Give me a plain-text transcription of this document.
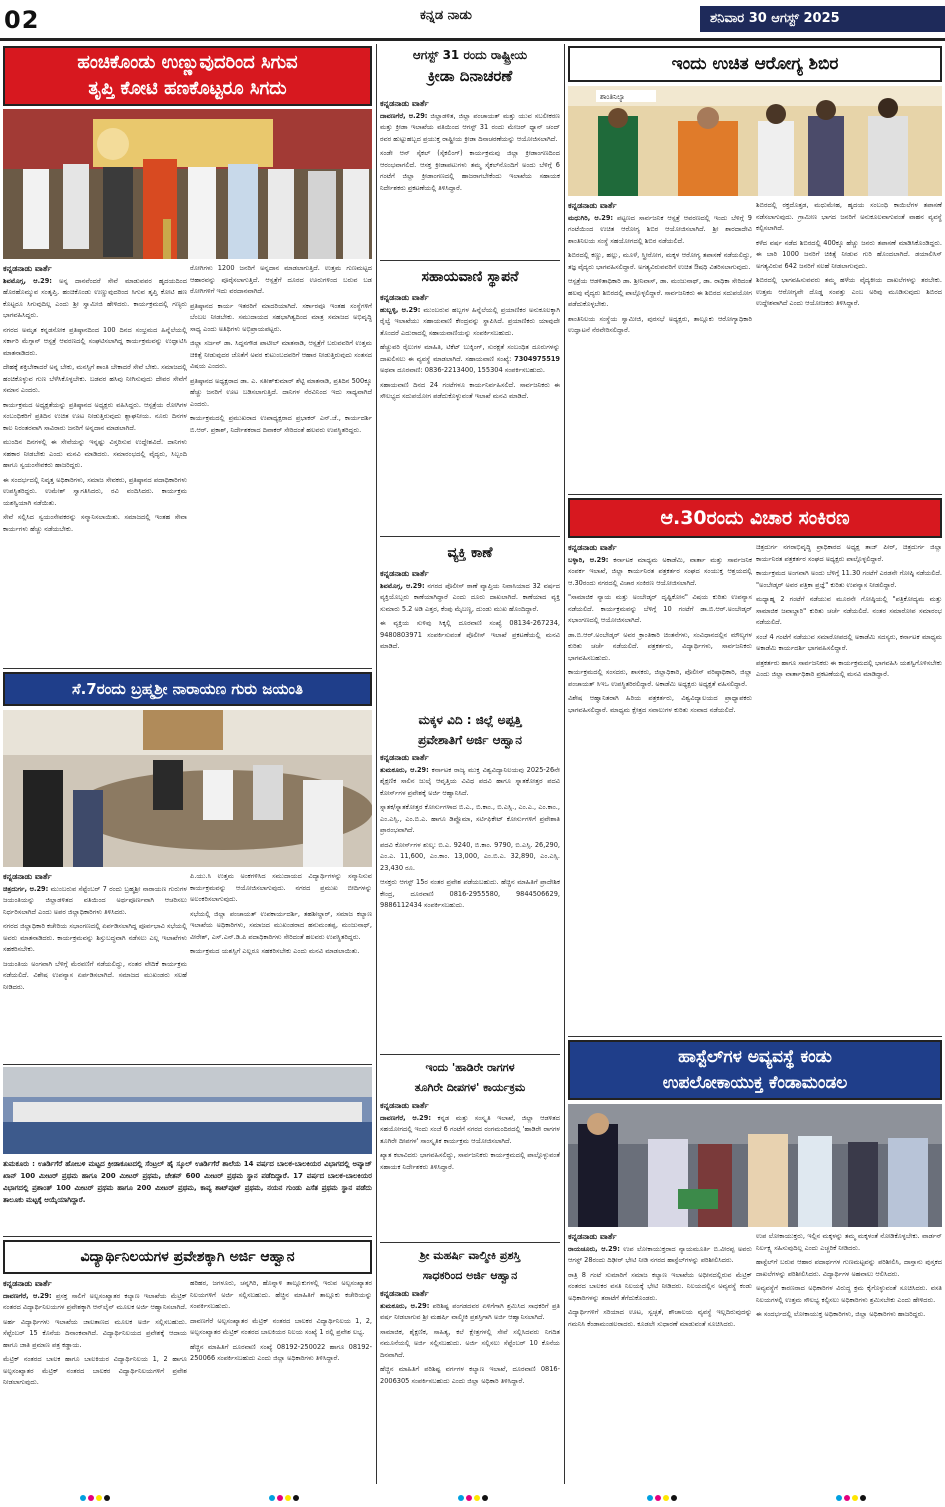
02	ಕನ್ನಡ ನಾಡು	ಶನಿವಾರ 30 ಆಗಸ್ಟ್ 2025
ಹಂಚಿಕೊಂಡು ಉಣ್ಣುವುದರಿಂದ ಸಿಗುವ
ತೃಪ್ತಿ ಕೋಟಿ ಹಣಕೊಟ್ಟರೂ ಸಿಗದು

ಕನ್ನಡನಾಡು ವಾರ್ತೆ
ಶಿವಮೊಗ್ಗ, ಆ.29: ಅನ್ನ ದಾನವೆಂದರೆ ಸೇವೆ ಮಾಡುವವರ ಹೃದಯದಿಂದ ಹೊರಹೊಮ್ಮುವ ಸಂತೃಪ್ತಿ. ಹಂಚಿಕೊಂಡು ಉಣ್ಣುವುದರಿಂದ ಸಿಗುವ ತೃಪ್ತಿ ಕೋಟಿ ಹಣ ಕೊಟ್ಟರೂ ಸಿಗುವುದಿಲ್ಲ ಎಂದು ಶ್ರೀ ಸ್ವಾಮೀಜಿ ಹೇಳಿದರು. ಕಾರ್ಯಕ್ರಮದಲ್ಲಿ ಗಣ್ಯರು ಭಾಗವಹಿಸಿದ್ದರು.

ನಗರದ ಅಮೃತ ಕನ್ನಡಸೋಕ ಪ್ರತಿಷ್ಠಾನದಿಂದ 100 ದಿನದ ಸಂಭ್ರಮದ ಹಿನ್ನೆಲೆಯಲ್ಲಿ ಸರ್ಕಾರಿ ಮೆಗ್ಗಾನ್ ಆಸ್ಪತ್ರೆ ಆವರಣದಲ್ಲಿ ಸಂಘಟಿಸಲಾಗಿದ್ದ ಕಾರ್ಯಕ್ರಮವನ್ನು ಉದ್ಘಾಟಿಸಿ ಮಾತನಾಡಿದರು.

ದೇಹಕ್ಕೆ ಶಕ್ತಿಬೇಕಾದರೆ ಅನ್ನ ಬೇಕು, ಮನಸ್ಸಿಗೆ ಶಾಂತಿ ಬೇಕಾದರೆ ಸೇವೆ ಬೇಕು. ಸಮಾಜದಲ್ಲಿ ಹಂಚಿಕೊಳ್ಳುವ ಗುಣ ಬೆಳೆಸಿಕೊಳ್ಳಬೇಕು. ಬಡವರ ಹಸಿವು ನೀಗಿಸುವುದು ದೇವರ ಸೇವೆಗೆ ಸಮಾನ ಎಂದರು.

ಕಾರ್ಯಕ್ರಮದ ಅಧ್ಯಕ್ಷತೆಯನ್ನು ಪ್ರತಿಷ್ಠಾನದ ಅಧ್ಯಕ್ಷರು ವಹಿಸಿದ್ದರು. ಆಸ್ಪತ್ರೆಯ ರೋಗಿಗಳ ಸಂಬಂಧಿಕರಿಗೆ ಪ್ರತಿದಿನ ಉಚಿತ ಊಟ ನೀಡುತ್ತಿರುವುದು ಶ್ಲಾಘನೀಯ. ನೂರು ದಿನಗಳ ಕಾಲ ನಿರಂತರವಾಗಿ ಸಾವಿರಾರು ಜನರಿಗೆ ಅನ್ನದಾನ ಮಾಡಲಾಗಿದೆ.

ಮುಂದಿನ ದಿನಗಳಲ್ಲಿ ಈ ಸೇವೆಯನ್ನು ಇನ್ನಷ್ಟು ವಿಸ್ತರಿಸುವ ಉದ್ದೇಶವಿದೆ. ದಾನಿಗಳು ಸಹಕಾರ ನೀಡಬೇಕು ಎಂದು ಮನವಿ ಮಾಡಿದರು. ಸಮಾರಂಭದಲ್ಲಿ ವೈದ್ಯರು, ಸಿಬ್ಬಂದಿ ಹಾಗೂ ಸ್ವಯಂಸೇವಕರು ಹಾಜರಿದ್ದರು.

ಈ ಸಂದರ್ಭದಲ್ಲಿ ನಿವೃತ್ತ ಅಧಿಕಾರಿಗಳು, ಸಮಾಜ ಸೇವಕರು, ಪ್ರತಿಷ್ಠಾನದ ಪದಾಧಿಕಾರಿಗಳು ಉಪಸ್ಥಿತರಿದ್ದರು. ಉಮೇಶ್ ಸ್ವಾಗತಿಸಿದರು, ರವಿ ವಂದಿಸಿದರು. ಕಾರ್ಯಕ್ರಮ ಯಶಸ್ವಿಯಾಗಿ ನಡೆಯಿತು.

ಸೇವೆ ಸಲ್ಲಿಸಿದ ಸ್ವಯಂಸೇವಕರನ್ನು ಸನ್ಮಾನಿಸಲಾಯಿತು. ಸಮಾಜದಲ್ಲಿ ಇಂತಹ ಸೇವಾ ಕಾರ್ಯಗಳು ಹೆಚ್ಚು ನಡೆಯಬೇಕು.

ರೋಗಿಗಳು 1200 ಜನರಿಗೆ ಅನ್ನದಾನ ಮಾಡಲಾಗುತ್ತಿದೆ. ಉತ್ತಮ ಗುಣಮಟ್ಟದ ಆಹಾರವನ್ನು ಪೂರೈಸಲಾಗುತ್ತಿದೆ. ಆಸ್ಪತ್ರೆಗೆ ದೂರದ ಊರುಗಳಿಂದ ಬರುವ ಬಡ ರೋಗಿಗಳಿಗೆ ಇದು ವರದಾನವಾಗಿದೆ.

ಪ್ರತಿಷ್ಠಾನದ ಕಾರ್ಯ ಇತರರಿಗೆ ಮಾದರಿಯಾಗಿದೆ. ಸರ್ಕಾರವೂ ಇಂತಹ ಸಂಸ್ಥೆಗಳಿಗೆ ಬೆಂಬಲ ನೀಡಬೇಕು. ಸಮುದಾಯದ ಸಹಭಾಗಿತ್ವದಿಂದ ಮಾತ್ರ ಸಮಾಜದ ಅಭಿವೃದ್ಧಿ ಸಾಧ್ಯ ಎಂದು ಅತಿಥಿಗಳು ಅಭಿಪ್ರಾಯಪಟ್ಟರು.

ಜಿಲ್ಲಾ ಸರ್ಜನ್ ಡಾ. ಸಿದ್ದನಗೌಡ ಪಾಟೀಲ್ ಮಾತನಾಡಿ, ಆಸ್ಪತ್ರೆಗೆ ಬರುವವರಿಗೆ ಉತ್ತಮ ಚಿಕಿತ್ಸೆ ನೀಡುವುದರ ಜೊತೆಗೆ ಅವರ ಕುಟುಂಬದವರಿಗೆ ಆಹಾರ ನೀಡುತ್ತಿರುವುದು ಸಂತಸದ ವಿಷಯ ಎಂದರು.

ಪ್ರತಿಷ್ಠಾನದ ಅಧ್ಯಕ್ಷರಾದ ಡಾ. ಎ. ಸತೀಶ್‌ಕುಮಾರ್ ಶೆಟ್ಟಿ ಮಾತನಾಡಿ, ಪ್ರತಿದಿನ 500ಕ್ಕೂ ಹೆಚ್ಚು ಜನರಿಗೆ ಊಟ ಬಡಿಸಲಾಗುತ್ತಿದೆ. ದಾನಿಗಳ ನೆರವಿನಿಂದ ಇದು ಸಾಧ್ಯವಾಗಿದೆ ಎಂದರು.

ಕಾರ್ಯಕ್ರಮದಲ್ಲಿ ಪ್ರಮುಖರಾದ ಉಪಾಧ್ಯಕ್ಷರಾದ ಪ್ರಭಾಕರ್ ಎನ್.ಜೆ., ಕಾರ್ಯದರ್ಶಿ ಬಿ.ಆರ್. ಪ್ರಕಾಶ್, ನಿರ್ದೇಶಕರಾದ ದಿವಾಕರ್ ಸೇರಿದಂತೆ ಹಲವರು ಉಪಸ್ಥಿತರಿದ್ದರು.

ಸೆ.7ರಂದು ಬ್ರಹ್ಮಶ್ರೀ ನಾರಾಯಣ ಗುರು ಜಯಂತಿ

ಕನ್ನಡನಾಡು ವಾರ್ತೆ
ಚಿತ್ರದುರ್ಗ, ಆ.29: ಮುಂಬರುವ ಸೆಪ್ಟೆಂಬರ್ 7 ರಂದು ಬ್ರಹ್ಮಶ್ರೀ ನಾರಾಯಣ ಗುರುಗಳ ಜಯಂತಿಯನ್ನು ಜಿಲ್ಲಾಡಳಿತದ ವತಿಯಿಂದ ಅರ್ಥಪೂರ್ಣವಾಗಿ ಆಚರಿಸಲು ನಿರ್ಧರಿಸಲಾಗಿದೆ ಎಂದು ಅಪರ ಜಿಲ್ಲಾಧಿಕಾರಿಗಳು ತಿಳಿಸಿದರು.

ನಗರದ ಜಿಲ್ಲಾಧಿಕಾರಿ ಕಚೇರಿಯ ಸಭಾಂಗಣದಲ್ಲಿ ಏರ್ಪಡಿಸಲಾಗಿದ್ದ ಪೂರ್ವಭಾವಿ ಸಭೆಯಲ್ಲಿ ಅವರು ಮಾತನಾಡಿದರು. ಕಾರ್ಯಕ್ರಮವನ್ನು ಶಿಸ್ತುಬದ್ಧವಾಗಿ ನಡೆಸಲು ಎಲ್ಲ ಇಲಾಖೆಗಳು ಸಹಕರಿಸಬೇಕು.

ಜಯಂತಿಯ ಅಂಗವಾಗಿ ಬೆಳಿಗ್ಗೆ ಮೆರವಣಿಗೆ ನಡೆಯಲಿದ್ದು, ನಂತರ ವೇದಿಕೆ ಕಾರ್ಯಕ್ರಮ ನಡೆಯಲಿದೆ. ವಿಶೇಷ ಉಪನ್ಯಾಸ ಏರ್ಪಡಿಸಲಾಗಿದೆ. ಸಮಾಜದ ಮುಖಂಡರು ಸಲಹೆ ನೀಡಿದರು.

ಪಿ.ಯು.ಸಿ ಉತ್ತಮ ಅಂಕಗಳಿಸಿದ ಸಮುದಾಯದ ವಿದ್ಯಾರ್ಥಿಗಳನ್ನು ಸನ್ಮಾನಿಸುವ ಕಾರ್ಯಕ್ರಮವನ್ನು ಆಯೋಜಿಸಲಾಗುವುದು. ನಗರದ ಪ್ರಮುಖ ಬೀದಿಗಳನ್ನು ಅಲಂಕರಿಸಲಾಗುವುದು.

ಸಭೆಯಲ್ಲಿ ಜಿಲ್ಲಾ ಪಂಚಾಯತ್ ಉಪಕಾರ್ಯದರ್ಶಿ, ತಹಶೀಲ್ದಾರ್, ಸಮಾಜ ಕಲ್ಯಾಣ ಇಲಾಖೆಯ ಅಧಿಕಾರಿಗಳು, ಸಮಾಜದ ಮುಖಂಡರಾದ ಹನುಮಂತಪ್ಪ, ಮಂಜುನಾಥ್, ವೀರೇಶ್, ಎಸ್.ಎನ್.ಡಿ.ಪಿ ಪದಾಧಿಕಾರಿಗಳು ಸೇರಿದಂತೆ ಹಲವರು ಉಪಸ್ಥಿತರಿದ್ದರು.

ಕಾರ್ಯಕ್ರಮದ ಯಶಸ್ಸಿಗೆ ಎಲ್ಲರೂ ಸಹಕರಿಸಬೇಕು ಎಂದು ಮನವಿ ಮಾಡಲಾಯಿತು.

ತುಮಕೂರು : ಊರ್ಡಿಗೆರೆ ಹೋಬಳಿ ಮಟ್ಟದ ಕ್ರೀಡಾಕೂಟದಲ್ಲಿ ಸೆಂಟ್ರಲ್ ಹೈ ಸ್ಕೂಲ್ ಊರ್ಡಿಗೆರೆ ಶಾಲೆಯ 14 ವರ್ಷದ ಬಾಲಕ-ಬಾಲಕಿಯರ ವಿಭಾಗದಲ್ಲಿ ಅವ್ಯಾಜ್ ಖಾನ್ 100 ಮೀಟರ್ ಪ್ರಥಮ ಹಾಗೂ 200 ಮೀಟರ್ ಪ್ರಥಮ, ಚೇತನ್ 600 ಮೀಟರ್ ಪ್ರಥಮ ಸ್ಥಾನ ಪಡೆದಿದ್ದಾರೆ. 17 ವರ್ಷದ ಬಾಲಕ-ಬಾಲಕಿಯರ ವಿಭಾಗದಲ್ಲಿ ಪ್ರಶಾಂತ್ 100 ಮೀಟರ್ ಪ್ರಥಮ ಹಾಗೂ 200 ಮೀಟರ್ ಪ್ರಥಮ, ಕಾವ್ಯ ಶಾಟ್‌ಪುಟ್ ಪ್ರಥಮ, ನಯನ ಗುಂಡು ಎಸೆತ ಪ್ರಥಮ ಸ್ಥಾನ ಪಡೆದು ತಾಲೂಕು ಮಟ್ಟಕ್ಕೆ ಆಯ್ಕೆಯಾಗಿದ್ದಾರೆ.
ವಿದ್ಯಾರ್ಥಿನಿಲಯಗಳ ಪ್ರವೇಶಕ್ಕಾಗಿ ಅರ್ಜಿ ಆಹ್ವಾನ

ಕನ್ನಡನಾಡು ವಾರ್ತೆ
ದಾವಣಗೆರೆ, ಆ.29: ಪ್ರಸಕ್ತ ಸಾಲಿಗೆ ಅಲ್ಪಸಂಖ್ಯಾತರ ಕಲ್ಯಾಣ ಇಲಾಖೆಯ ಮೆಟ್ರಿಕ್ ನಂತರದ ವಿದ್ಯಾರ್ಥಿನಿಲಯಗಳ ಪ್ರವೇಶಕ್ಕಾಗಿ ಆನ್‌ಲೈನ್ ಮೂಲಕ ಅರ್ಜಿ ಆಹ್ವಾನಿಸಲಾಗಿದೆ.

ಅರ್ಹ ವಿದ್ಯಾರ್ಥಿಗಳು ಇಲಾಖೆಯ ಜಾಲತಾಣದ ಮೂಲಕ ಅರ್ಜಿ ಸಲ್ಲಿಸಬಹುದು. ಸೆಪ್ಟೆಂಬರ್ 15 ಕೊನೆಯ ದಿನಾಂಕವಾಗಿದೆ. ವಿದ್ಯಾರ್ಥಿನಿಲಯದ ಪ್ರವೇಶಕ್ಕೆ ಆದಾಯ ಹಾಗೂ ಜಾತಿ ಪ್ರಮಾಣ ಪತ್ರ ಕಡ್ಡಾಯ.

ಮೆಟ್ರಿಕ್ ನಂತರದ ಬಾಲಕ ಹಾಗೂ ಬಾಲಕಿಯರ ವಿದ್ಯಾರ್ಥಿನಿಲಯ 1, 2 ಹಾಗೂ ಅಲ್ಪಸಂಖ್ಯಾತರ ಮೆಟ್ರಿಕ್ ನಂತರದ ಬಾಲಕರ ವಿದ್ಯಾರ್ಥಿನಿಲಯಗಳಿಗೆ ಪ್ರವೇಶ ನೀಡಲಾಗುವುದು.

ಹರಿಹರ, ಜಗಳೂರು, ಚನ್ನಗಿರಿ, ಹೊನ್ನಾಳಿ ತಾಲ್ಲೂಕುಗಳಲ್ಲಿ ಇರುವ ಅಲ್ಪಸಂಖ್ಯಾತರ ನಿಲಯಗಳಿಗೆ ಅರ್ಜಿ ಸಲ್ಲಿಸಬಹುದು. ಹೆಚ್ಚಿನ ಮಾಹಿತಿಗೆ ತಾಲ್ಲೂಕು ಕಚೇರಿಯನ್ನು ಸಂಪರ್ಕಿಸಬಹುದು.

ದಾವಣಗೆರೆ ಅಲ್ಪಸಂಖ್ಯಾತರ ಮೆಟ್ರಿಕ್ ನಂತರದ ಬಾಲಕರ ವಿದ್ಯಾರ್ಥಿನಿಲಯ 1, 2, ಅಲ್ಪಸಂಖ್ಯಾತರ ಮೆಟ್ರಿಕ್ ನಂತರದ ಬಾಲಕಿಯರ ನಿಲಯ ಸಂಖ್ಯೆ 1 ರಲ್ಲಿ ಪ್ರವೇಶ ಲಭ್ಯ.

ಹೆಚ್ಚಿನ ಮಾಹಿತಿಗೆ ದೂರವಾಣಿ ಸಂಖ್ಯೆ 08192-250022 ಹಾಗೂ 08192-250066 ಸಂಪರ್ಕಿಸಬಹುದು ಎಂದು ಜಿಲ್ಲಾ ಅಧಿಕಾರಿಗಳು ತಿಳಿಸಿದ್ದಾರೆ.

ಆಗಸ್ಟ್ 31 ರಂದು ರಾಷ್ಟ್ರೀಯ
ಕ್ರೀಡಾ ದಿನಾಚರಣೆ

ಕನ್ನಡನಾಡು ವಾರ್ತೆ
ದಾವಣಗೆರೆ, ಆ.29: ಜಿಲ್ಲಾಡಳಿತ, ಜಿಲ್ಲಾ ಪಂಚಾಯತ್ ಮತ್ತು ಯುವ ಸಬಲೀಕರಣ ಮತ್ತು ಕ್ರೀಡಾ ಇಲಾಖೆಯ ವತಿಯಿಂದ ಆಗಸ್ಟ್ 31 ರಂದು ಮೇಜರ್ ಧ್ಯಾನ್ ಚಂದ್ ರವರ ಹುಟ್ಟುಹಬ್ಬದ ಪ್ರಯುಕ್ತ ರಾಷ್ಟ್ರೀಯ ಕ್ರೀಡಾ ದಿನಾಚರಣೆಯನ್ನು ಆಯೋಜಿಸಲಾಗಿದೆ.

ಸಂಡೇ ಆನ್ ಸೈಕಲ್ (ಸೈಕಲಿಂಗ್) ಕಾರ್ಯಕ್ರಮವು ಜಿಲ್ಲಾ ಕ್ರೀಡಾಂಗಣದಿಂದ ಆರಂಭವಾಗಲಿದೆ. ಆಸಕ್ತ ಕ್ರೀಡಾಪಟುಗಳು ತಮ್ಮ ಸೈಕಲ್‌ನೊಂದಿಗೆ ಅಂದು ಬೆಳಿಗ್ಗೆ 6 ಗಂಟೆಗೆ ಜಿಲ್ಲಾ ಕ್ರೀಡಾಂಗಣದಲ್ಲಿ ಹಾಜರಾಗಬೇಕೆಂದು ಇಲಾಖೆಯ ಸಹಾಯಕ ನಿರ್ದೇಶಕರು ಪ್ರಕಟಣೆಯಲ್ಲಿ ತಿಳಿಸಿದ್ದಾರೆ.

ಸಹಾಯವಾಣಿ ಸ್ಥಾಪನೆ

ಕನ್ನಡನಾಡು ವಾರ್ತೆ
ಹುಬ್ಬಳ್ಳಿ, ಆ.29: ಮುಂಬರುವ ಹಬ್ಬಗಳ ಹಿನ್ನೆಲೆಯಲ್ಲಿ ಪ್ರಯಾಣಿಕರ ಅನುಕೂಲಕ್ಕಾಗಿ ರೈಲ್ವೆ ಇಲಾಖೆಯು ಸಹಾಯವಾಣಿ ಕೇಂದ್ರವನ್ನು ಸ್ಥಾಪಿಸಿದೆ. ಪ್ರಯಾಣಿಕರು ಯಾವುದೇ ತೊಂದರೆ ಎದುರಾದಲ್ಲಿ ಸಹಾಯವಾಣಿಯನ್ನು ಸಂಪರ್ಕಿಸಬಹುದು.

ಹೆಚ್ಚುವರಿ ರೈಲುಗಳ ಮಾಹಿತಿ, ಟಿಕೆಟ್ ಬುಕ್ಕಿಂಗ್, ಸುರಕ್ಷತೆ ಸಂಬಂಧಿತ ದೂರುಗಳನ್ನು ದಾಖಲಿಸಲು ಈ ವ್ಯವಸ್ಥೆ ಮಾಡಲಾಗಿದೆ. ಸಹಾಯವಾಣಿ ಸಂಖ್ಯೆ: 7304975519 ಅಥವಾ ದೂರವಾಣಿ: 0836-2213400, 155304 ಸಂಪರ್ಕಿಸಬಹುದು.

ಸಹಾಯವಾಣಿ ದಿನದ 24 ಗಂಟೆಗಳೂ ಕಾರ್ಯನಿರ್ವಹಿಸಲಿದೆ. ಸಾರ್ವಜನಿಕರು ಈ ಸೌಲಭ್ಯದ ಸದುಪಯೋಗ ಪಡೆದುಕೊಳ್ಳುವಂತೆ ಇಲಾಖೆ ಮನವಿ ಮಾಡಿದೆ.

ವ್ಯಕ್ತಿ ಕಾಣೆ

ಕನ್ನಡನಾಡು ವಾರ್ತೆ
ಶಿವಮೊಗ್ಗ, ಆ.29: ನಗರದ ಪೊಲೀಸ್ ಠಾಣೆ ವ್ಯಾಪ್ತಿಯ ನಿವಾಸಿಯಾದ 32 ವರ್ಷದ ವ್ಯಕ್ತಿಯೊಬ್ಬರು ಕಾಣೆಯಾಗಿದ್ದಾರೆ ಎಂದು ದೂರು ದಾಖಲಾಗಿದೆ. ಕಾಣೆಯಾದ ವ್ಯಕ್ತಿ ಸುಮಾರು 5.2 ಅಡಿ ಎತ್ತರ, ಕೆಂಪು ಮೈಬಣ್ಣ, ದುಂಡು ಮುಖ ಹೊಂದಿದ್ದಾರೆ.

ಈ ವ್ಯಕ್ತಿಯ ಸುಳಿವು ಸಿಕ್ಕಲ್ಲಿ ದೂರವಾಣಿ ಸಂಖ್ಯೆ 08134-267234, 9480803971 ಸಂಪರ್ಕಿಸುವಂತೆ ಪೊಲೀಸ್ ಇಲಾಖೆ ಪ್ರಕಟಣೆಯಲ್ಲಿ ಮನವಿ ಮಾಡಿದೆ.

ಮಕ್ಕಳ ವಿದಿ : ಜಿಲ್ಲೆ ಅಪ್ಪತ್ತಿ
ಪ್ರವೇಶಾತಿಗೆ ಅರ್ಜಿ ಆಹ್ವಾನ

ಕನ್ನಡನಾಡು ವಾರ್ತೆ
ತುಮಕೂರು, ಆ.29: ಕರ್ನಾಟಕ ರಾಜ್ಯ ಮುಕ್ತ ವಿಶ್ವವಿದ್ಯಾನಿಲಯವು 2025-26ನೇ ಶೈಕ್ಷಣಿಕ ಸಾಲಿನ ಜುಲೈ ಆವೃತ್ತಿಯ ವಿವಿಧ ಪದವಿ ಹಾಗೂ ಸ್ನಾತಕೋತ್ತರ ಪದವಿ ಕೋರ್ಸ್‌ಗಳ ಪ್ರವೇಶಕ್ಕೆ ಅರ್ಜಿ ಆಹ್ವಾನಿಸಿದೆ.

ಸ್ನಾತಕ/ಸ್ನಾತಕೋತ್ತರ ಕೋರ್ಸುಗಳಾದ ಬಿ.ಎ., ಬಿ.ಕಾಂ., ಬಿ.ಎಸ್ಸಿ., ಎಂ.ಎ., ಎಂ.ಕಾಂ., ಎಂ.ಎಸ್ಸಿ., ಎಂ.ಬಿ.ಎ. ಹಾಗೂ ಡಿಪ್ಲೊಮಾ, ಸರ್ಟಿಫಿಕೇಟ್ ಕೋರ್ಸುಗಳಿಗೆ ಪ್ರವೇಶಾತಿ ಪ್ರಾರಂಭವಾಗಿದೆ.

ಪದವಿ ಕೋರ್ಸ್‌ಗಳ ಶುಲ್ಕ: ಬಿ.ಎ. 9240, ಬಿ.ಕಾಂ. 9790, ಬಿ.ಎಸ್ಸಿ. 26,290, ಎಂ.ಎ. 11,600, ಎಂ.ಕಾಂ. 13,000, ಎಂ.ಬಿ.ಎ. 32,890, ಎಂ.ಎಸ್ಸಿ. 23,430 ರೂ.

ಆಸಕ್ತರು ಆಗಸ್ಟ್ 15ರ ನಂತರ ಪ್ರವೇಶ ಪಡೆಯಬಹುದು. ಹೆಚ್ಚಿನ ಮಾಹಿತಿಗೆ ಪ್ರಾದೇಶಿಕ ಕೇಂದ್ರ, ದೂರವಾಣಿ 0816-2955580, 9844506629, 9886112434 ಸಂಪರ್ಕಿಸಬಹುದು.

ಇಂದು 'ಹಾಡಿರೇ ರಾಗಗಳ
ತೂಗಿರೇ ದೀಪಗಳ' ಕಾರ್ಯಕ್ರಮ

ಕನ್ನಡನಾಡು ವಾರ್ತೆ
ದಾವಣಗೆರೆ, ಆ.29: ಕನ್ನಡ ಮತ್ತು ಸಂಸ್ಕೃತಿ ಇಲಾಖೆ, ಜಿಲ್ಲಾ ಆಡಳಿತದ ಸಹಯೋಗದಲ್ಲಿ ಇಂದು ಸಂಜೆ 6 ಗಂಟೆಗೆ ನಗರದ ರಂಗಮಂದಿರದಲ್ಲಿ 'ಹಾಡಿರೇ ರಾಗಗಳ ತೂಗಿರೇ ದೀಪಗಳ' ಸಾಂಸ್ಕೃತಿಕ ಕಾರ್ಯಕ್ರಮ ಆಯೋಜಿಸಲಾಗಿದೆ.

ಖ್ಯಾತ ಕಲಾವಿದರು ಭಾಗವಹಿಸಲಿದ್ದು, ಸಾರ್ವಜನಿಕರು ಕಾರ್ಯಕ್ರಮದಲ್ಲಿ ಪಾಲ್ಗೊಳ್ಳುವಂತೆ ಸಹಾಯಕ ನಿರ್ದೇಶಕರು ತಿಳಿಸಿದ್ದಾರೆ.

ಶ್ರೀ ಮಹರ್ಷಿ ವಾಲ್ಮೀಕಿ ಪ್ರಶಸ್ತಿ
ಸಾಧಕರಿಂದ ಅರ್ಜಿ ಆಹ್ವಾನ

ಕನ್ನಡನಾಡು ವಾರ್ತೆ
ತುಮಕೂರು, ಆ.29: ಪರಿಶಿಷ್ಟ ಪಂಗಡದವರ ಏಳಿಗೆಗಾಗಿ ಶ್ರಮಿಸಿದ ಸಾಧಕರಿಗೆ ಪ್ರತಿ ವರ್ಷ ನೀಡಲಾಗುವ ಶ್ರೀ ಮಹರ್ಷಿ ವಾಲ್ಮೀಕಿ ಪ್ರಶಸ್ತಿಗಾಗಿ ಅರ್ಜಿ ಆಹ್ವಾನಿಸಲಾಗಿದೆ.

ಸಾಮಾಜಿಕ, ಶೈಕ್ಷಣಿಕ, ಸಾಹಿತ್ಯ, ಕಲೆ ಕ್ಷೇತ್ರಗಳಲ್ಲಿ ಸೇವೆ ಸಲ್ಲಿಸಿದವರು ನಿಗದಿತ ನಮೂನೆಯಲ್ಲಿ ಅರ್ಜಿ ಸಲ್ಲಿಸಬಹುದು. ಅರ್ಜಿ ಸಲ್ಲಿಸಲು ಸೆಪ್ಟೆಂಬರ್ 10 ಕೊನೆಯ ದಿನವಾಗಿದೆ.

ಹೆಚ್ಚಿನ ಮಾಹಿತಿಗೆ ಪರಿಶಿಷ್ಟ ವರ್ಗಗಳ ಕಲ್ಯಾಣ ಇಲಾಖೆ, ದೂರವಾಣಿ 0816-2006305 ಸಂಪರ್ಕಿಸಬಹುದು ಎಂದು ಜಿಲ್ಲಾ ಅಧಿಕಾರಿ ತಿಳಿಸಿದ್ದಾರೆ.

ಇಂದು ಉಚಿತ ಆರೋಗ್ಯ ಶಿಬಿರ
ಶಾಂತಿನಿಲ್ಯಾ

ಕನ್ನಡನಾಡು ವಾರ್ತೆ
ಮಧುಗಿರಿ, ಆ.29: ಪಟ್ಟಣದ ಸಾರ್ವಜನಿಕ ಆಸ್ಪತ್ರೆ ಆವರಣದಲ್ಲಿ ಇಂದು ಬೆಳಿಗ್ಗೆ 9 ಗಂಟೆಯಿಂದ ಉಚಿತ ಆರೋಗ್ಯ ಶಿಬಿರ ಆಯೋಜಿಸಲಾಗಿದೆ. ಶ್ರೀ ಶಾರದಾದೇವಿ ಶಾಂತಿನಿಲಯ ಸಂಸ್ಥೆ ಸಹಯೋಗದಲ್ಲಿ ಶಿಬಿರ ನಡೆಯಲಿದೆ.

ಶಿಬಿರದಲ್ಲಿ ಕಣ್ಣು, ಹಲ್ಲು, ಮೂಳೆ, ಸ್ತ್ರೀರೋಗ, ಮಕ್ಕಳ ಆರೋಗ್ಯ ತಪಾಸಣೆ ನಡೆಯಲಿದ್ದು, ತಜ್ಞ ವೈದ್ಯರು ಭಾಗವಹಿಸಲಿದ್ದಾರೆ. ಅಗತ್ಯವಿರುವವರಿಗೆ ಉಚಿತ ಔಷಧಿ ವಿತರಿಸಲಾಗುವುದು.

ಆಸ್ಪತ್ರೆಯ ಆಡಳಿತಾಧಿಕಾರಿ ಡಾ. ಶ್ರೀನಿವಾಸ್, ಡಾ. ಮಂಜುನಾಥ್, ಡಾ. ರಾಧಿಕಾ ಸೇರಿದಂತೆ ಹಲವು ವೈದ್ಯರು ಶಿಬಿರದಲ್ಲಿ ಪಾಲ್ಗೊಳ್ಳಲಿದ್ದಾರೆ. ಸಾರ್ವಜನಿಕರು ಈ ಶಿಬಿರದ ಸದುಪಯೋಗ ಪಡೆದುಕೊಳ್ಳಬೇಕು.

ಶಾಂತಿನಿಲಯ ಸಂಸ್ಥೆಯ ಸ್ವಾಮೀಜಿ, ಪುರಸಭೆ ಅಧ್ಯಕ್ಷರು, ತಾಲ್ಲೂಕು ಆರೋಗ್ಯಾಧಿಕಾರಿ ಉದ್ಘಾಟನೆ ನೆರವೇರಿಸಲಿದ್ದಾರೆ.

ಶಿಬಿರದಲ್ಲಿ ರಕ್ತದೊತ್ತಡ, ಮಧುಮೇಹ, ಹೃದಯ ಸಂಬಂಧಿ ಕಾಯಿಲೆಗಳ ತಪಾಸಣೆ ನಡೆಸಲಾಗುವುದು. ಗ್ರಾಮೀಣ ಭಾಗದ ಜನರಿಗೆ ಅನುಕೂಲವಾಗುವಂತೆ ವಾಹನ ವ್ಯವಸ್ಥೆ ಕಲ್ಪಿಸಲಾಗಿದೆ.

ಕಳೆದ ವರ್ಷ ನಡೆದ ಶಿಬಿರದಲ್ಲಿ 400ಕ್ಕೂ ಹೆಚ್ಚು ಜನರು ತಪಾಸಣೆ ಮಾಡಿಸಿಕೊಂಡಿದ್ದರು. ಈ ಬಾರಿ 1000 ಜನರಿಗೆ ಚಿಕಿತ್ಸೆ ನೀಡುವ ಗುರಿ ಹೊಂದಲಾಗಿದೆ. ಡಯಾಲಿಸಿಸ್ ಅಗತ್ಯವಿರುವ 642 ಜನರಿಗೆ ಸಲಹೆ ನೀಡಲಾಗುವುದು.

ಶಿಬಿರದಲ್ಲಿ ಭಾಗವಹಿಸುವವರು ತಮ್ಮ ಹಳೆಯ ವೈದ್ಯಕೀಯ ದಾಖಲೆಗಳನ್ನು ತರಬೇಕು. ಉತ್ತಮ ಆರೋಗ್ಯವೇ ದೊಡ್ಡ ಸಂಪತ್ತು ಎಂಬ ಅರಿವು ಮೂಡಿಸುವುದು ಶಿಬಿರದ ಉದ್ದೇಶವಾಗಿದೆ ಎಂದು ಆಯೋಜಕರು ತಿಳಿಸಿದ್ದಾರೆ.

ಆ.30ರಂದು ವಿಚಾರ ಸಂಕಿರಣ

ಕನ್ನಡನಾಡು ವಾರ್ತೆ
ಬಳ್ಳಾರಿ, ಆ.29: ಕರ್ನಾಟಕ ಮಾಧ್ಯಮ ಅಕಾಡೆಮಿ, ವಾರ್ತಾ ಮತ್ತು ಸಾರ್ವಜನಿಕ ಸಂಪರ್ಕ ಇಲಾಖೆ, ಜಿಲ್ಲಾ ಕಾರ್ಯನಿರತ ಪತ್ರಕರ್ತರ ಸಂಘದ ಸಂಯುಕ್ತ ಆಶ್ರಯದಲ್ಲಿ ಆ.30ರಂದು ನಗರದಲ್ಲಿ ವಿಚಾರ ಸಂಕಿರಣ ಆಯೋಜಿಸಲಾಗಿದೆ.

"ಸಾಮಾಜಿಕ ನ್ಯಾಯ ಮತ್ತು ಅಂಬೇಡ್ಕರ್ ದೃಷ್ಟಿಕೋನ" ವಿಷಯ ಕುರಿತು ಉಪನ್ಯಾಸ ನಡೆಯಲಿದೆ. ಕಾರ್ಯಕ್ರಮವನ್ನು ಬೆಳಿಗ್ಗೆ 10 ಗಂಟೆಗೆ ಡಾ.ಬಿ.ಆರ್.ಅಂಬೇಡ್ಕರ್ ಸಭಾಂಗಣದಲ್ಲಿ ಆಯೋಜಿಸಲಾಗಿದೆ.

ಡಾ.ಬಿ.ಆರ್.ಅಂಬೇಡ್ಕರ್ ಅವರ ಕ್ರಾಂತಿಕಾರಿ ಚಿಂತನೆಗಳು, ಸಂವಿಧಾನದಲ್ಲಿನ ಮೌಲ್ಯಗಳ ಕುರಿತು ಚರ್ಚೆ ನಡೆಯಲಿದೆ. ಪತ್ರಕರ್ತರು, ವಿದ್ಯಾರ್ಥಿಗಳು, ಸಾರ್ವಜನಿಕರು ಭಾಗವಹಿಸಬಹುದು.

ಕಾರ್ಯಕ್ರಮದಲ್ಲಿ ಸಂಸದರು, ಶಾಸಕರು, ಜಿಲ್ಲಾಧಿಕಾರಿ, ಪೊಲೀಸ್ ವರಿಷ್ಠಾಧಿಕಾರಿ, ಜಿಲ್ಲಾ ಪಂಚಾಯತ್ ಸಿಇಒ ಉಪಸ್ಥಿತರಿರಲಿದ್ದಾರೆ. ಅಕಾಡೆಮಿ ಅಧ್ಯಕ್ಷರು ಅಧ್ಯಕ್ಷತೆ ವಹಿಸಲಿದ್ದಾರೆ.

ವಿಶೇಷ ಆಹ್ವಾನಿತರಾಗಿ ಹಿರಿಯ ಪತ್ರಕರ್ತರು, ವಿಶ್ವವಿದ್ಯಾಲಯದ ಪ್ರಾಧ್ಯಾಪಕರು ಭಾಗವಹಿಸಲಿದ್ದಾರೆ. ಮಾಧ್ಯಮ ಕ್ಷೇತ್ರದ ಸವಾಲುಗಳ ಕುರಿತು ಸಂವಾದ ನಡೆಯಲಿದೆ.

ಚಿತ್ರದುರ್ಗ ನಗರಾಭಿವೃದ್ಧಿ ಪ್ರಾಧಿಕಾರದ ಅಧ್ಯಕ್ಷ ತಾಜ್ ಪೀರ್, ಚಿತ್ರದುರ್ಗ ಜಿಲ್ಲಾ ಕಾರ್ಯನಿರತ ಪತ್ರಕರ್ತರ ಸಂಘದ ಅಧ್ಯಕ್ಷರು ಪಾಲ್ಗೊಳ್ಳಲಿದ್ದಾರೆ.

ಕಾರ್ಯಕ್ರಮದ ಅಂಗವಾಗಿ ಅಂದು ಬೆಳಿಗ್ಗೆ 11.30 ಗಂಟೆಗೆ ಎರಡನೇ ಗೋಷ್ಠಿ ನಡೆಯಲಿದೆ. "ಅಂಬೇಡ್ಕರ್ ಅವರ ಪತ್ರಿಕಾ ಪ್ರಜ್ಞೆ" ಕುರಿತು ಉಪನ್ಯಾಸ ನೀಡಲಿದ್ದಾರೆ.

ಮಧ್ಯಾಹ್ನ 2 ಗಂಟೆಗೆ ನಡೆಯುವ ಮೂರನೇ ಗೋಷ್ಠಿಯಲ್ಲಿ "ಪತ್ರಿಕೋದ್ಯಮ ಮತ್ತು ಸಾಮಾಜಿಕ ಜವಾಬ್ದಾರಿ" ಕುರಿತು ಚರ್ಚೆ ನಡೆಯಲಿದೆ. ನಂತರ ಸಮಾರೋಪ ಸಮಾರಂಭ ನಡೆಯಲಿದೆ.

ಸಂಜೆ 4 ಗಂಟೆಗೆ ನಡೆಯುವ ಸಮಾರೋಪದಲ್ಲಿ ಅಕಾಡೆಮಿ ಸದಸ್ಯರು, ಕರ್ನಾಟಕ ಮಾಧ್ಯಮ ಅಕಾಡೆಮಿ ಕಾರ್ಯದರ್ಶಿ ಭಾಗವಹಿಸಲಿದ್ದಾರೆ.

ಪತ್ರಕರ್ತರು ಹಾಗೂ ಸಾರ್ವಜನಿಕರು ಈ ಕಾರ್ಯಕ್ರಮದಲ್ಲಿ ಭಾಗವಹಿಸಿ ಯಶಸ್ವಿಗೊಳಿಸಬೇಕು ಎಂದು ಜಿಲ್ಲಾ ವಾರ್ತಾಧಿಕಾರಿ ಪ್ರಕಟಣೆಯಲ್ಲಿ ಮನವಿ ಮಾಡಿದ್ದಾರೆ.

ಹಾಸ್ಟೆಲ್‌ಗಳ ಅವ್ಯವಸ್ಥೆ ಕಂಡು
ಉಪಲೋಕಾಯುಕ್ತ ಕೆಂಡಾಮಂಡಲ

ಕನ್ನಡನಾಡು ವಾರ್ತೆ
ರಾಯಚೂರು, ಆ.29: ಉಪ ಲೋಕಾಯುಕ್ತರಾದ ನ್ಯಾಯಮೂರ್ತಿ ಬಿ.ವೀರಪ್ಪ ಅವರು ಆಗಸ್ಟ್ 28ರಂದು ದಿಢೀರ್ ಭೇಟಿ ನೀಡಿ ನಗರದ ಹಾಸ್ಟೆಲ್‌ಗಳನ್ನು ಪರಿಶೀಲಿಸಿದರು.

ರಾತ್ರಿ 8 ಗಂಟೆ ಸುಮಾರಿಗೆ ಸಮಾಜ ಕಲ್ಯಾಣ ಇಲಾಖೆಯ ಅಧೀನದಲ್ಲಿರುವ ಮೆಟ್ರಿಕ್ ನಂತರದ ಬಾಲಕರ ವಸತಿ ನಿಲಯಕ್ಕೆ ಭೇಟಿ ನೀಡಿದರು. ನಿಲಯದಲ್ಲಿನ ಅವ್ಯವಸ್ಥೆ ಕಂಡು ಅಧಿಕಾರಿಗಳನ್ನು ತರಾಟೆಗೆ ತೆಗೆದುಕೊಂಡರು.

ವಿದ್ಯಾರ್ಥಿಗಳಿಗೆ ಸರಿಯಾದ ಊಟ, ಸ್ವಚ್ಛತೆ, ಶೌಚಾಲಯ ವ್ಯವಸ್ಥೆ ಇಲ್ಲದಿರುವುದನ್ನು ಗಮನಿಸಿ ಕೆಂಡಾಮಂಡಲರಾದರು. ಕೂಡಲೇ ಸುಧಾರಣೆ ಮಾಡುವಂತೆ ಸೂಚಿಸಿದರು.

ಉಪ ಲೋಕಾಯುಕ್ತರು, ಇಲ್ಲಿನ ಮಕ್ಕಳನ್ನು ತಮ್ಮ ಮಕ್ಕಳಂತೆ ನೋಡಿಕೊಳ್ಳಬೇಕು. ವಾರ್ಡನ್ ನಿರ್ಲಕ್ಷ್ಯ ಸಹಿಸುವುದಿಲ್ಲ ಎಂದು ಎಚ್ಚರಿಕೆ ನೀಡಿದರು.

ಹಾಸ್ಟೆಲ್‌ಗೆ ಬರುವ ಆಹಾರ ಪದಾರ್ಥಗಳ ಗುಣಮಟ್ಟವನ್ನು ಪರಿಶೀಲಿಸಿ, ದಾಸ್ತಾನು ಪುಸ್ತಕದ ದಾಖಲೆಗಳನ್ನು ಪರಿಶೀಲಿಸಿದರು. ವಿದ್ಯಾರ್ಥಿಗಳ ಅಹವಾಲು ಆಲಿಸಿದರು.

ಅವ್ಯವಸ್ಥೆಗೆ ಕಾರಣರಾದ ಅಧಿಕಾರಿಗಳ ವಿರುದ್ಧ ಕ್ರಮ ಕೈಗೊಳ್ಳುವಂತೆ ಸೂಚಿಸಿದರು. ವಸತಿ ನಿಲಯಗಳಲ್ಲಿ ಉತ್ತಮ ಸೌಲಭ್ಯ ಕಲ್ಪಿಸಲು ಅಧಿಕಾರಿಗಳು ಶ್ರಮಿಸಬೇಕು ಎಂದು ಹೇಳಿದರು.

ಈ ಸಂದರ್ಭದಲ್ಲಿ ಲೋಕಾಯುಕ್ತ ಅಧಿಕಾರಿಗಳು, ಜಿಲ್ಲಾ ಅಧಿಕಾರಿಗಳು ಹಾಜರಿದ್ದರು.
